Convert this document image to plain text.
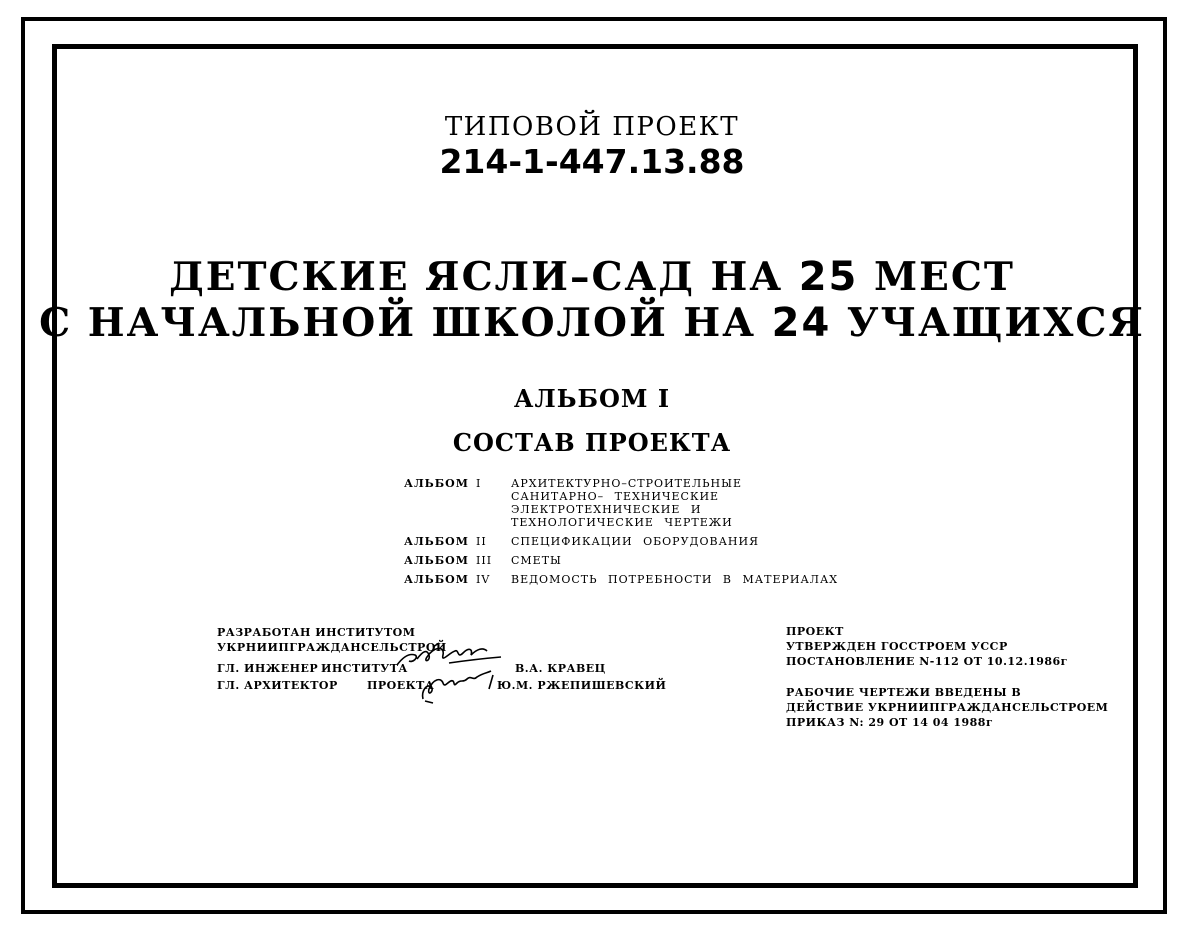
ТИПОВОЙ ПРОЕКТ
214-1-447.13.88
ДЕТСКИЕ ЯСЛИ–САД НА 25 МЕСТ
С НАЧАЛЬНОЙ ШКОЛОЙ НА 24 УЧАЩИХСЯ
АЛЬБОМ I
СОСТАВ ПРОЕКТА
АЛЬБОМ I	АРХИТЕКТУРНО–СТРОИТЕЛЬНЫЕ САНИТАРНО– ТЕХНИЧЕСКИЕ ЭЛЕКТРОТЕХНИЧЕСКИЕ И ТЕХНОЛОГИЧЕСКИЕ ЧЕРТЕЖИ
АЛЬБОМ II СПЕЦИФИКАЦИИ ОБОРУДОВАНИЯ
АЛЬБОМ III СМЕТЫ
АЛЬБОМ IV ВЕДОМОСТЬ ПОТРЕБНОСТИ В МАТЕРИАЛАХ
РАЗРАБОТАН ИНСТИТУТОМ
УКРНИИПГРАЖДАНСЕЛЬСТРОЙ
ГЛ. ИНЖЕНЕР ИНСТИТУТА	В.А. КРАВЕЦ
ГЛ. АРХИТЕКТОР	ПРОЕКТА	Ю.М. РЖЕПИШЕВСКИЙ
ПРОЕКТ
УТВЕРЖДЕН ГОССТРОЕМ УССР
ПОСТАНОВЛЕНИЕ N-112 ОТ 10.12.1986г
РАБОЧИЕ ЧЕРТЕЖИ ВВЕДЕНЫ В
ДЕЙСТВИЕ УКРНИИПГРАЖДАНСЕЛЬСТРОЕМ
ПРИКАЗ N: 29 ОТ 14 04 1988г
